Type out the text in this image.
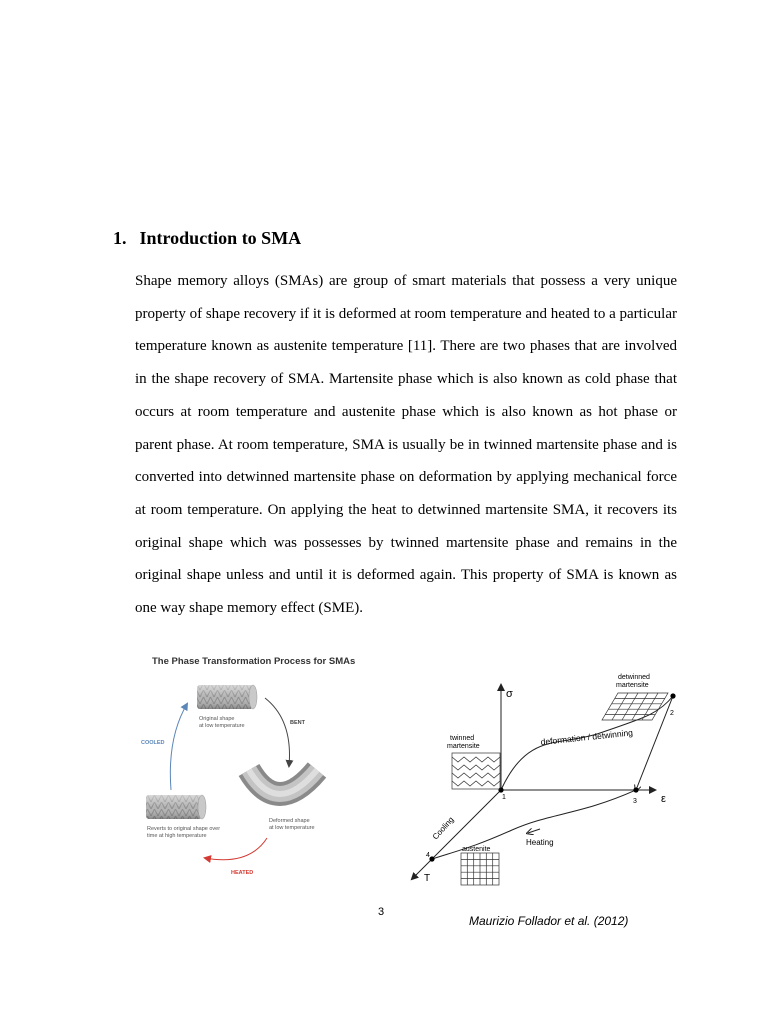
1. Introduction to SMA

Shape memory alloys (SMAs) are group of smart materials that possess a very unique property of shape recovery if it is deformed at room temperature and heated to a particular temperature known as austenite temperature [11]. There are two phases that are involved in the shape recovery of SMA. Martensite phase which is also known as cold phase that occurs at room temperature and austenite phase which is also known as hot phase or parent phase. At room temperature, SMA is usually be in twinned martensite phase and is converted into detwinned martensite phase on deformation by applying mechanical force at room temperature. On applying the heat to detwinned martensite SMA, it recovers its original shape which was possesses by twinned martensite phase and remains in the original shape unless and until it is deformed again. This property of SMA is known as one way shape memory effect (SME).

The Phase Transformation Process for SMAs
Original shape
at low temperature	BENT
COOLED
Deformed shape
at low temperature
Reverts to original shape over
time at high temperature
HEATED
σ
ε
T
1
2
3
4
deformation / detwinning
Cooling
Heating
detwinned
martensite
twinned
martensite
austenite
3
Maurizio Follador et al. (2012)
